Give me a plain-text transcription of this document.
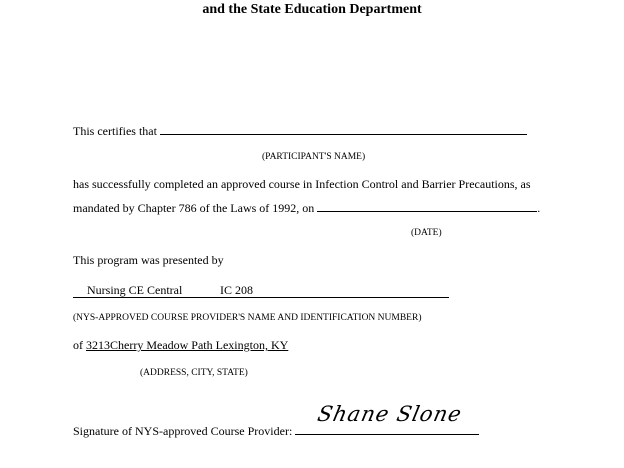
and the State Education Department
This certifies that
(PARTICIPANT'S NAME)
has successfully completed an approved course in Infection Control and Barrier Precautions, as
mandated by Chapter 786 of the Laws of 1992, on	.
(DATE)
This program was presented by
Nursing CE Central	IC 208
(NYS-APPROVED COURSE PROVIDER'S NAME AND IDENTIFICATION NUMBER)
of 3213Cherry Meadow Path Lexington, KY
(ADDRESS, CITY, STATE)
Signature of NYS-approved Course Provider:
Shane Slone
